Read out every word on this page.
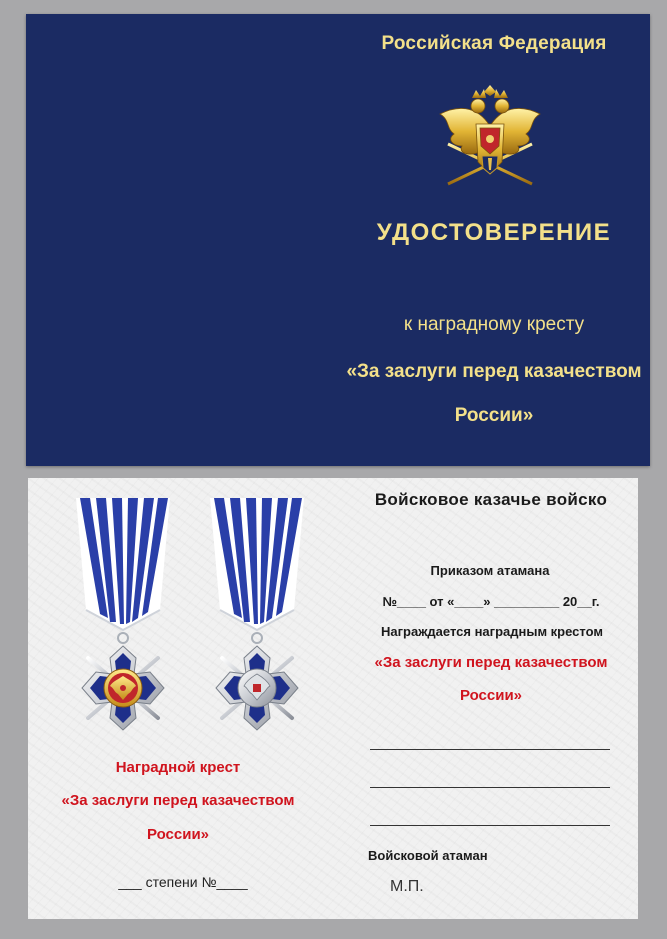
Российская Федерация
УДОСТОВЕРЕНИЕ
к наградному кресту
«За заслуги перед казачеством
России»
Наградной крест
«За заслуги перед казачеством
России»
___ степени №____
Войсковое казачье войско
Приказом атамана
№____ от «____» _________ 20__г.
Награждается наградным крестом
«За заслуги перед казачеством
России»
Войсковой атаман
М.П.
